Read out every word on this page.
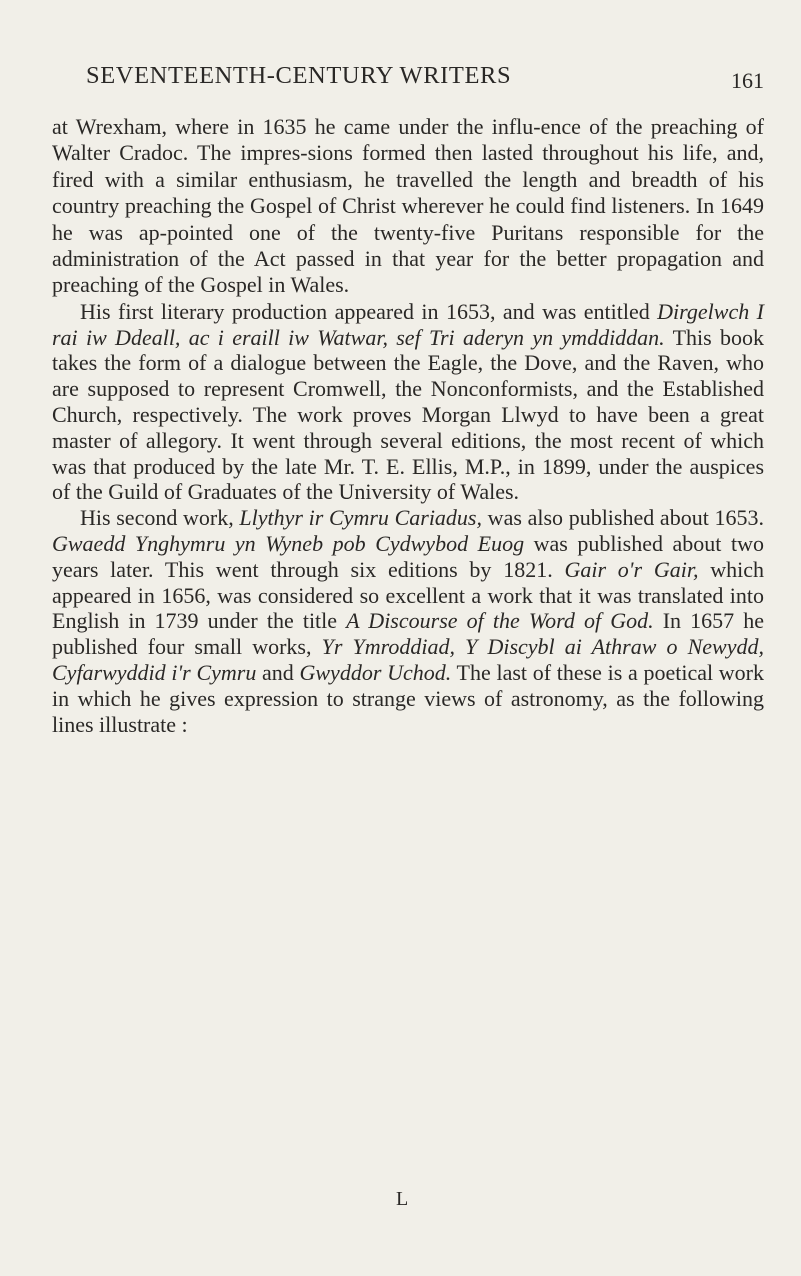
SEVENTEENTH-CENTURY WRITERS	161

at Wrexham, where in 1635 he came under the influ-ence of the preaching of Walter Cradoc. The impres-sions formed then lasted throughout his life, and, fired with a similar enthusiasm, he travelled the length and breadth of his country preaching the Gospel of Christ wherever he could find listeners. In 1649 he was ap-pointed one of the twenty-five Puritans responsible for the administration of the Act passed in that year for the better propagation and preaching of the Gospel in Wales.

His first literary production appeared in 1653, and was entitled Dirgelwch I rai iw Ddeall, ac i eraill iw Watwar, sef Tri aderyn yn ymddiddan. This book takes the form of a dialogue between the Eagle, the Dove, and the Raven, who are supposed to represent Cromwell, the Nonconformists, and the Established Church, respectively. The work proves Morgan Llwyd to have been a great master of allegory. It went through several editions, the most recent of which was that produced by the late Mr. T. E. Ellis, M.P., in 1899, under the auspices of the Guild of Graduates of the University of Wales.

His second work, Llythyr ir Cymru Cariadus, was also published about 1653. Gwaedd Ynghymru yn Wyneb pob Cydwybod Euog was published about two years later. This went through six editions by 1821. Gair o'r Gair, which appeared in 1656, was considered so excellent a work that it was translated into English in 1739 under the title A Discourse of the Word of God. In 1657 he published four small works, Yr Ymroddiad, Y Discybl ai Athraw o Newydd, Cyfarwyddid i'r Cymru and Gwyddor Uchod. The last of these is a poetical work in which he gives expression to strange views of astronomy, as the following lines illustrate :

L
